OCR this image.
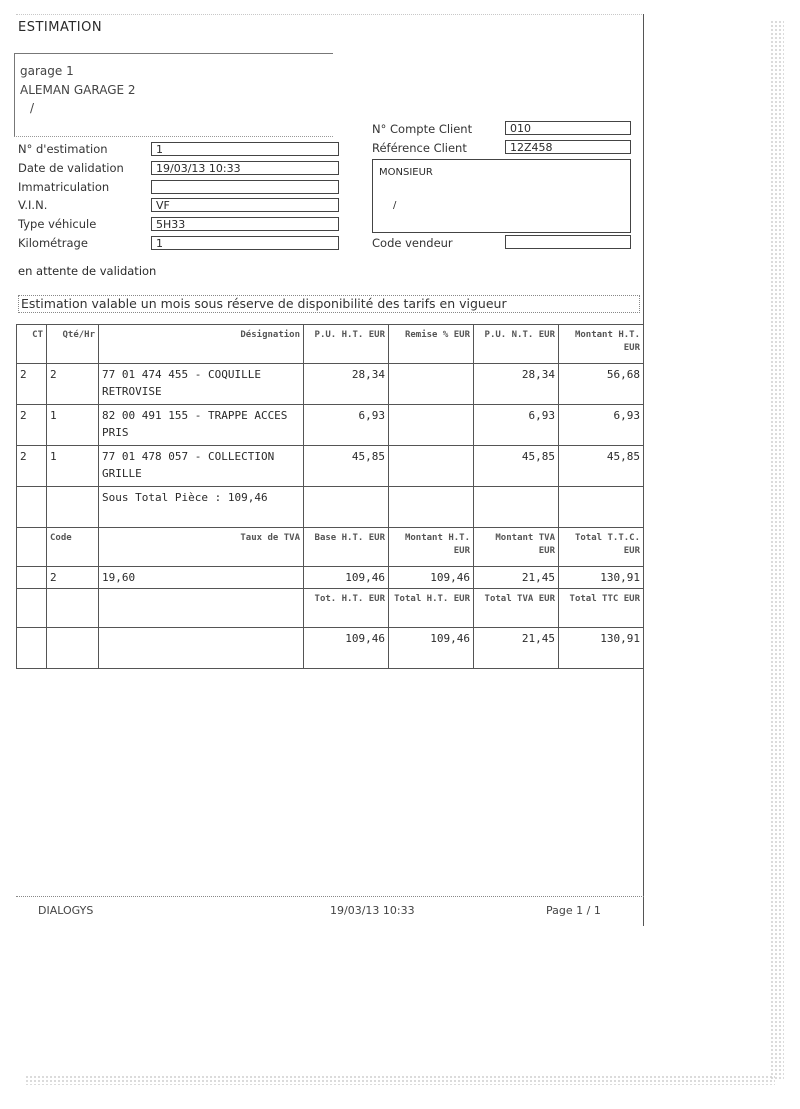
ESTIMATION
garage 1
ALEMAN GARAGE 2
/
N° d'estimation	1
Date de validation	19/03/13 10:33
Immatriculation
V.I.N.	VF
Type véhicule	5H33
Kilométrage	1
N° Compte Client	010
Référence Client	12Z458
MONSIEUR
/
Code vendeur
en attente de validation
Estimation valable un mois sous réserve de disponibilité des tarifs en vigueur
CT	Qté/Hr	Désignation	P.U. H.T. EUR	Remise % EUR	P.U. N.T. EUR	Montant H.T. EUR
2	2	77 01 474 455 - COQUILLE RETROVISE	28,34		28,34	56,68
2	1	82 00 491 155 - TRAPPE ACCES PRIS	6,93		6,93	6,93
2	1	77 01 478 057 - COLLECTION GRILLE	45,85		45,85	45,85
		Sous Total Pièce : 109,46				
	Code	Taux de TVA	Base H.T. EUR	Montant H.T. EUR	Montant TVA EUR	Total T.T.C. EUR
	2	19,60	109,46	109,46	21,45	130,91
			Tot. H.T. EUR	Total H.T. EUR	Total TVA EUR	Total TTC EUR
			109,46	109,46	21,45	130,91
DIALOGYS	19/03/13 10:33	Page 1 / 1
